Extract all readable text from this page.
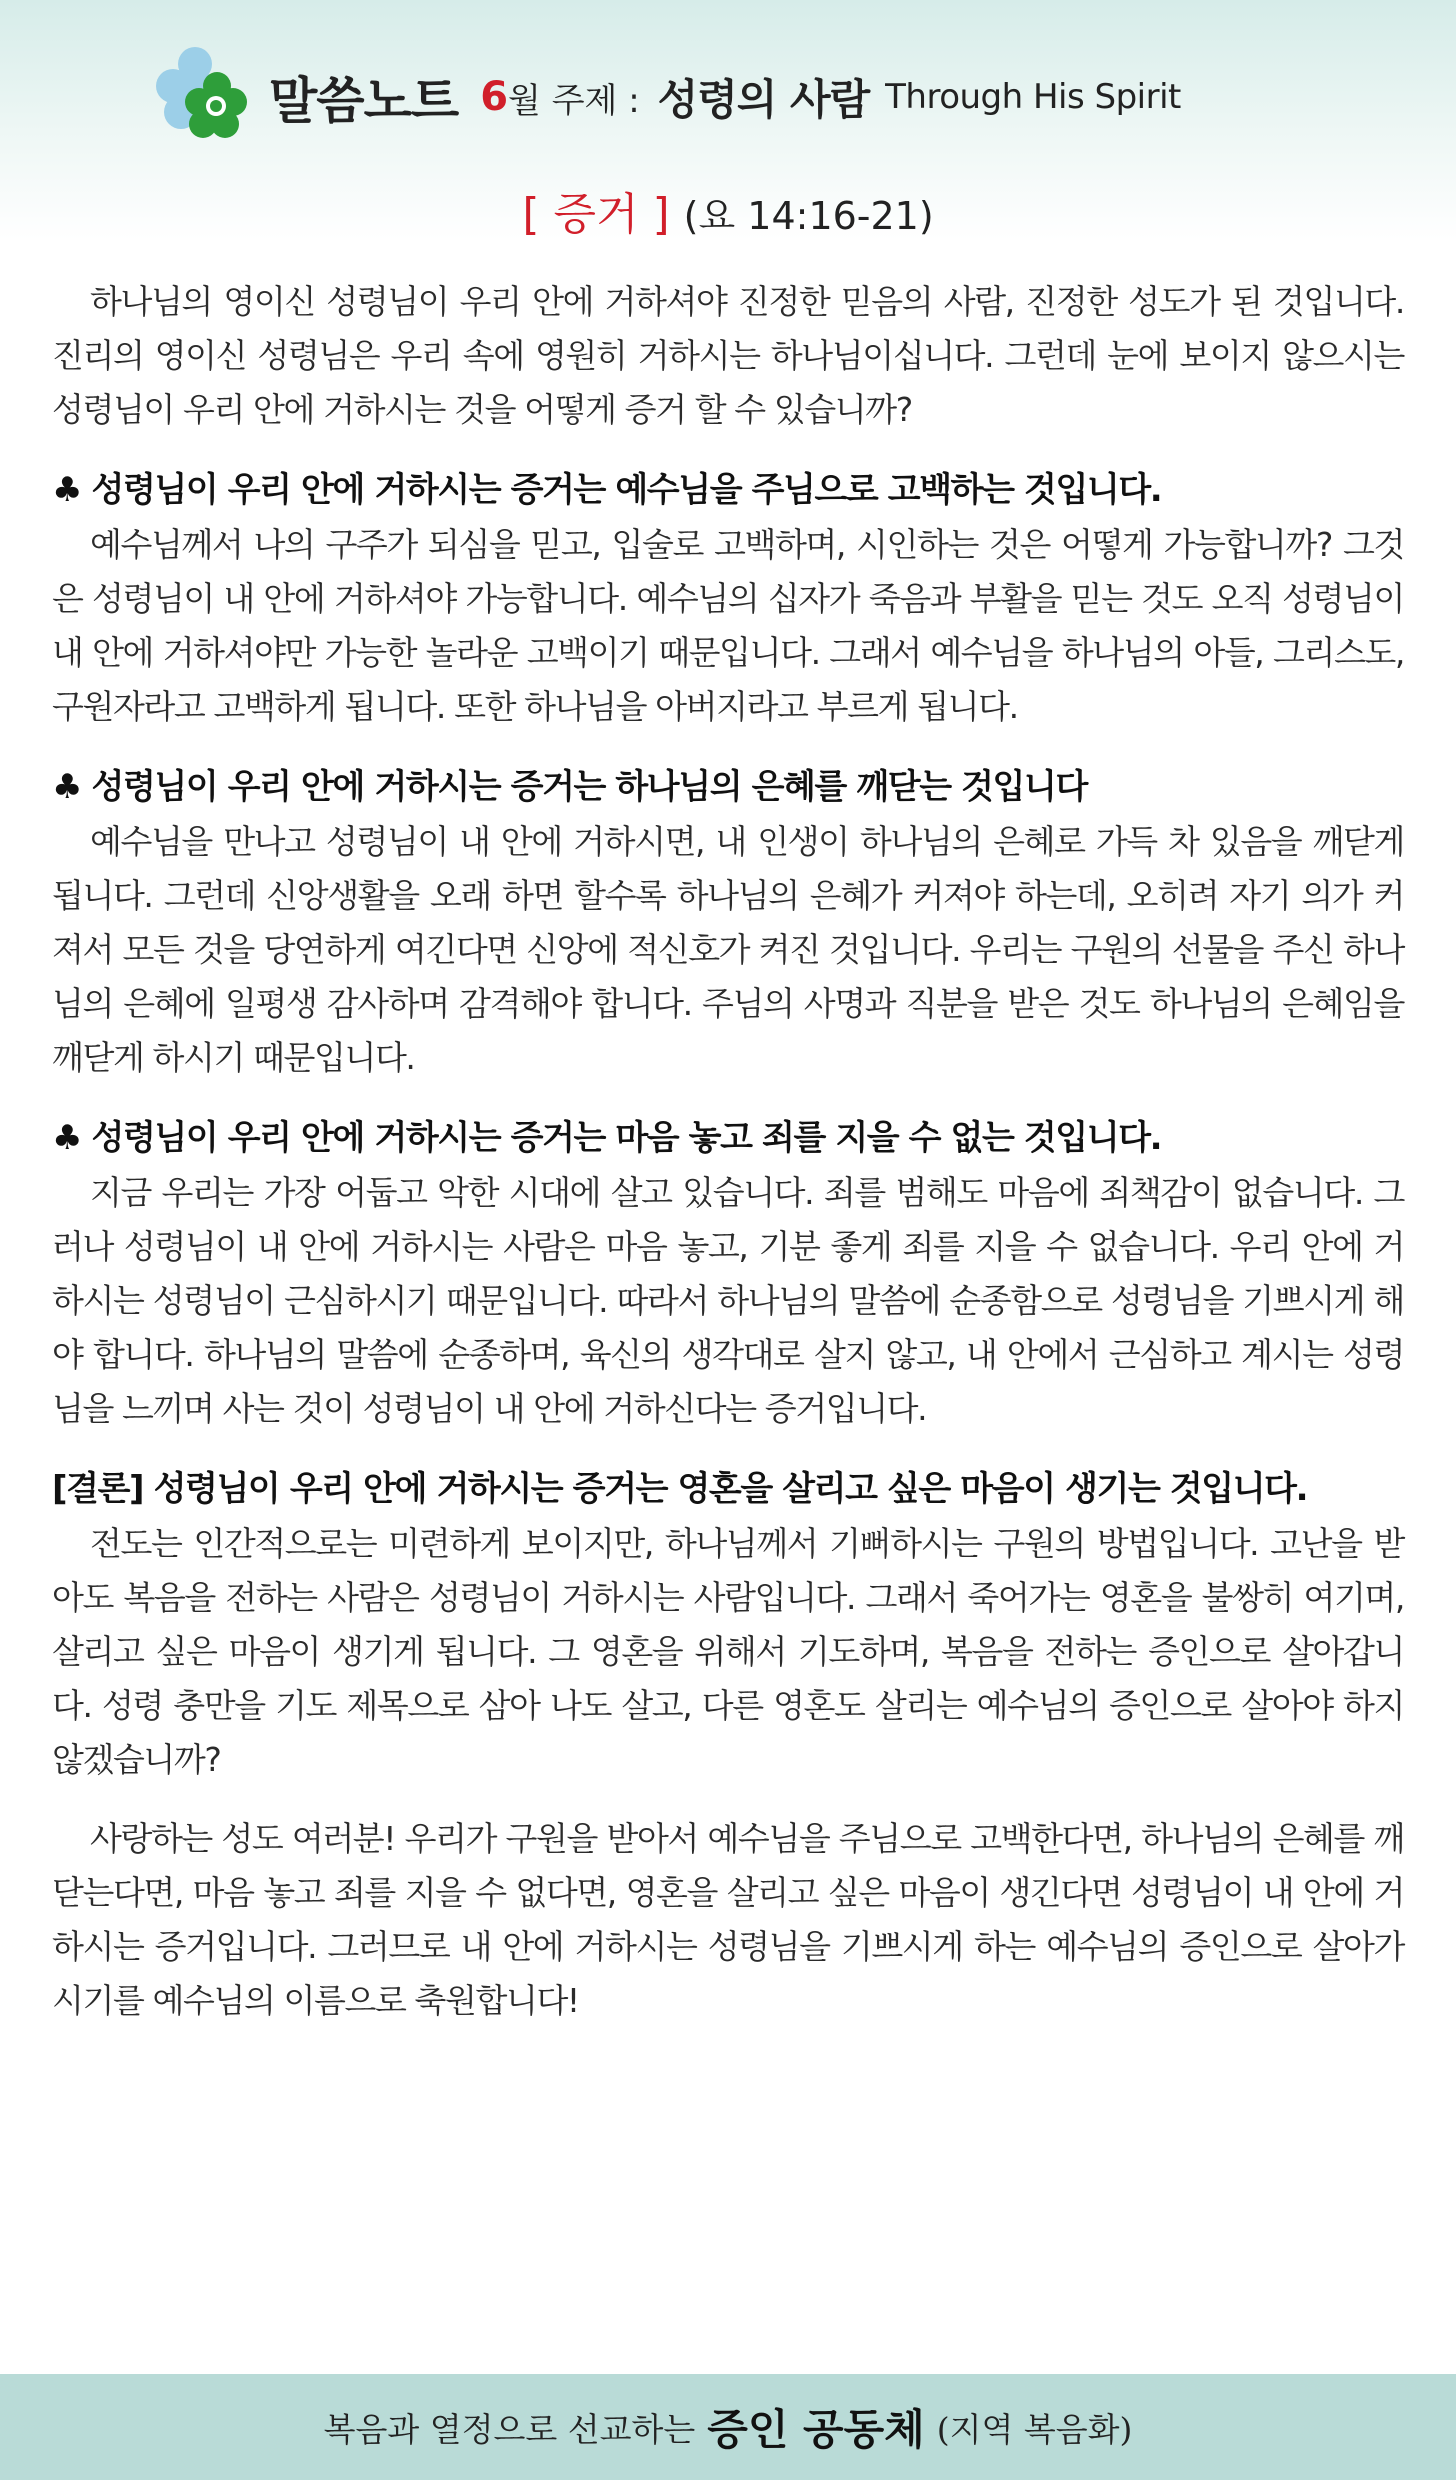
말씀노트 6 월 주제 : 성령의 사람 Through His Spirit
[ 증거 ] (요 14:16-21)

하나님의 영이신 성령님이 우리 안에 거하셔야 진정한 믿음의 사람, 진정한 성도가 된 것입니다. 진리의 영이신 성령님은 우리 속에 영원히 거하시는 하나님이십니다. 그런데 눈에 보이지 않으시는 성령님이 우리 안에 거하시는 것을 어떻게 증거 할 수 있습니까?

♣ 성령님이 우리 안에 거하시는 증거는 예수님을 주님으로 고백하는 것입니다.

예수님께서 나의 구주가 되심을 믿고, 입술로 고백하며, 시인하는 것은 어떻게 가능합니까? 그것은 성령님이 내 안에 거하셔야 가능합니다. 예수님의 십자가 죽음과 부활을 믿는 것도 오직 성령님이 내 안에 거하셔야만 가능한 놀라운 고백이기 때문입니다. 그래서 예수님을 하나님의 아들, 그리스도, 구원자라고 고백하게 됩니다. 또한 하나님을 아버지라고 부르게 됩니다.

♣ 성령님이 우리 안에 거하시는 증거는 하나님의 은혜를 깨닫는 것입니다

예수님을 만나고 성령님이 내 안에 거하시면, 내 인생이 하나님의 은혜로 가득 차 있음을 깨닫게 됩니다. 그런데 신앙생활을 오래 하면 할수록 하나님의 은혜가 커져야 하는데, 오히려 자기 의가 커져서 모든 것을 당연하게 여긴다면 신앙에 적신호가 켜진 것입니다. 우리는 구원의 선물을 주신 하나님의 은혜에 일평생 감사하며 감격해야 합니다. 주님의 사명과 직분을 받은 것도 하나님의 은혜임을 깨닫게 하시기 때문입니다.

♣ 성령님이 우리 안에 거하시는 증거는 마음 놓고 죄를 지을 수 없는 것입니다.

지금 우리는 가장 어둡고 악한 시대에 살고 있습니다. 죄를 범해도 마음에 죄책감이 없습니다. 그러나 성령님이 내 안에 거하시는 사람은 마음 놓고, 기분 좋게 죄를 지을 수 없습니다. 우리 안에 거하시는 성령님이 근심하시기 때문입니다. 따라서 하나님의 말씀에 순종함으로 성령님을 기쁘시게 해야 합니다. 하나님의 말씀에 순종하며, 육신의 생각대로 살지 않고, 내 안에서 근심하고 계시는 성령님을 느끼며 사는 것이 성령님이 내 안에 거하신다는 증거입니다.

[결론] 성령님이 우리 안에 거하시는 증거는 영혼을 살리고 싶은 마음이 생기는 것입니다.

전도는 인간적으로는 미련하게 보이지만, 하나님께서 기뻐하시는 구원의 방법입니다. 고난을 받아도 복음을 전하는 사람은 성령님이 거하시는 사람입니다. 그래서 죽어가는 영혼을 불쌍히 여기며, 살리고 싶은 마음이 생기게 됩니다. 그 영혼을 위해서 기도하며, 복음을 전하는 증인으로 살아갑니다. 성령 충만을 기도 제목으로 삼아 나도 살고, 다른 영혼도 살리는 예수님의 증인으로 살아야 하지 않겠습니까?

사랑하는 성도 여러분! 우리가 구원을 받아서 예수님을 주님으로 고백한다면, 하나님의 은혜를 깨닫는다면, 마음 놓고 죄를 지을 수 없다면, 영혼을 살리고 싶은 마음이 생긴다면 성령님이 내 안에 거하시는 증거입니다. 그러므로 내 안에 거하시는 성령님을 기쁘시게 하는 예수님의 증인으로 살아가시기를 예수님의 이름으로 축원합니다!

복음과 열정으로 선교하는 증인 공동체 (지역 복음화)
